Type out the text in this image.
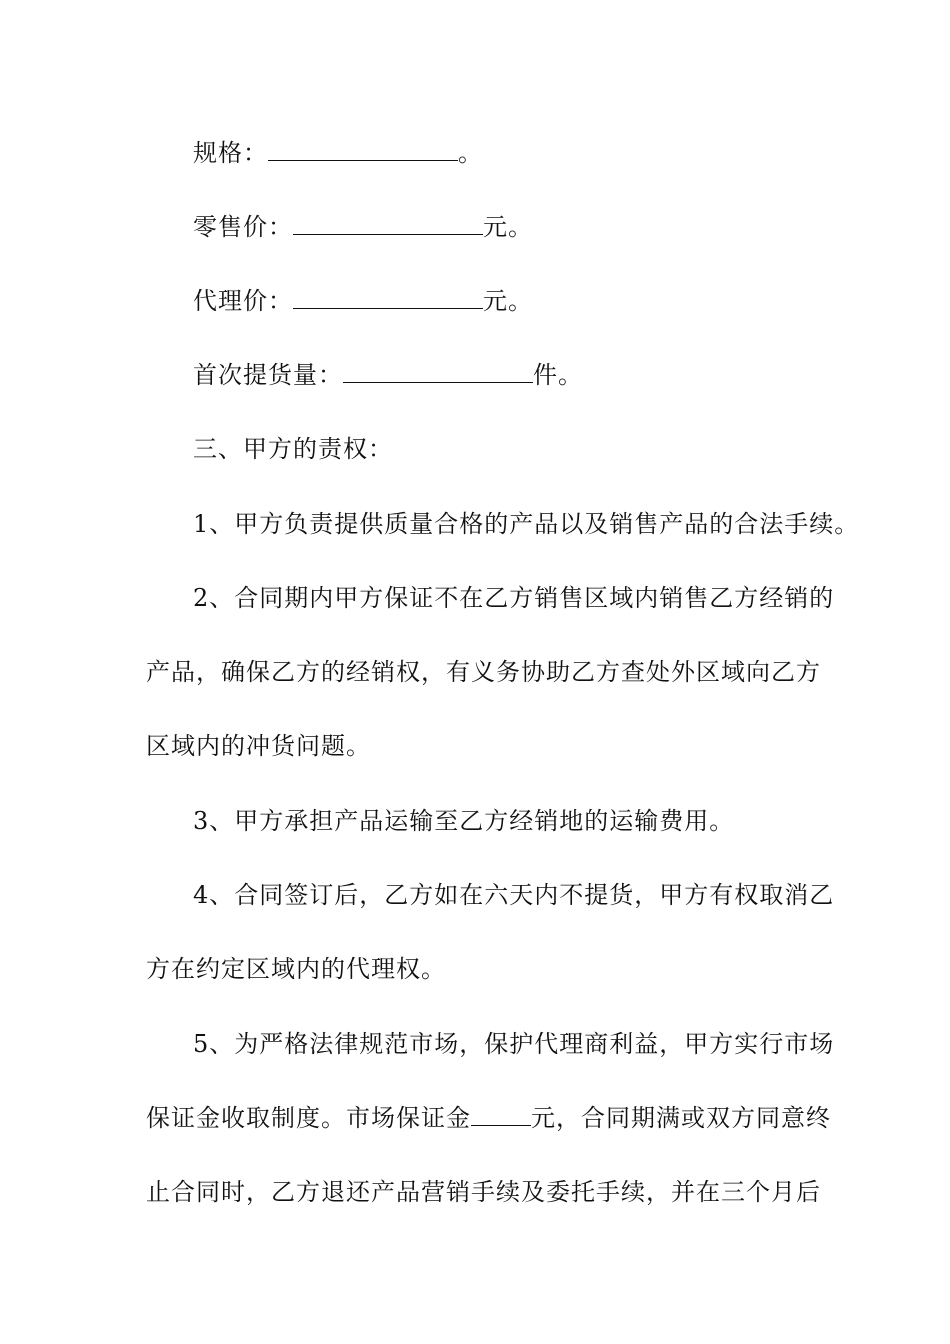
规格：	。
零售价：	元。
代理价：	元。
首次提货量：	件。
三、甲方的责权：
1、甲方负责提供质量合格的产品以及销售产品的合法手续。
2、合同期内甲方保证不在乙方销售区域内销售乙方经销的
产品，确保乙方的经销权，有义务协助乙方查处外区域向乙方
区域内的冲货问题。
3、甲方承担产品运输至乙方经销地的运输费用。
4、合同签订后，乙方如在六天内不提货，甲方有权取消乙
方在约定区域内的代理权。
5、为严格法律规范市场，保护代理商利益，甲方实行市场
保证金收取制度。市场保证金	元，合同期满或双方同意终
止合同时，乙方退还产品营销手续及委托手续，并在三个月后
